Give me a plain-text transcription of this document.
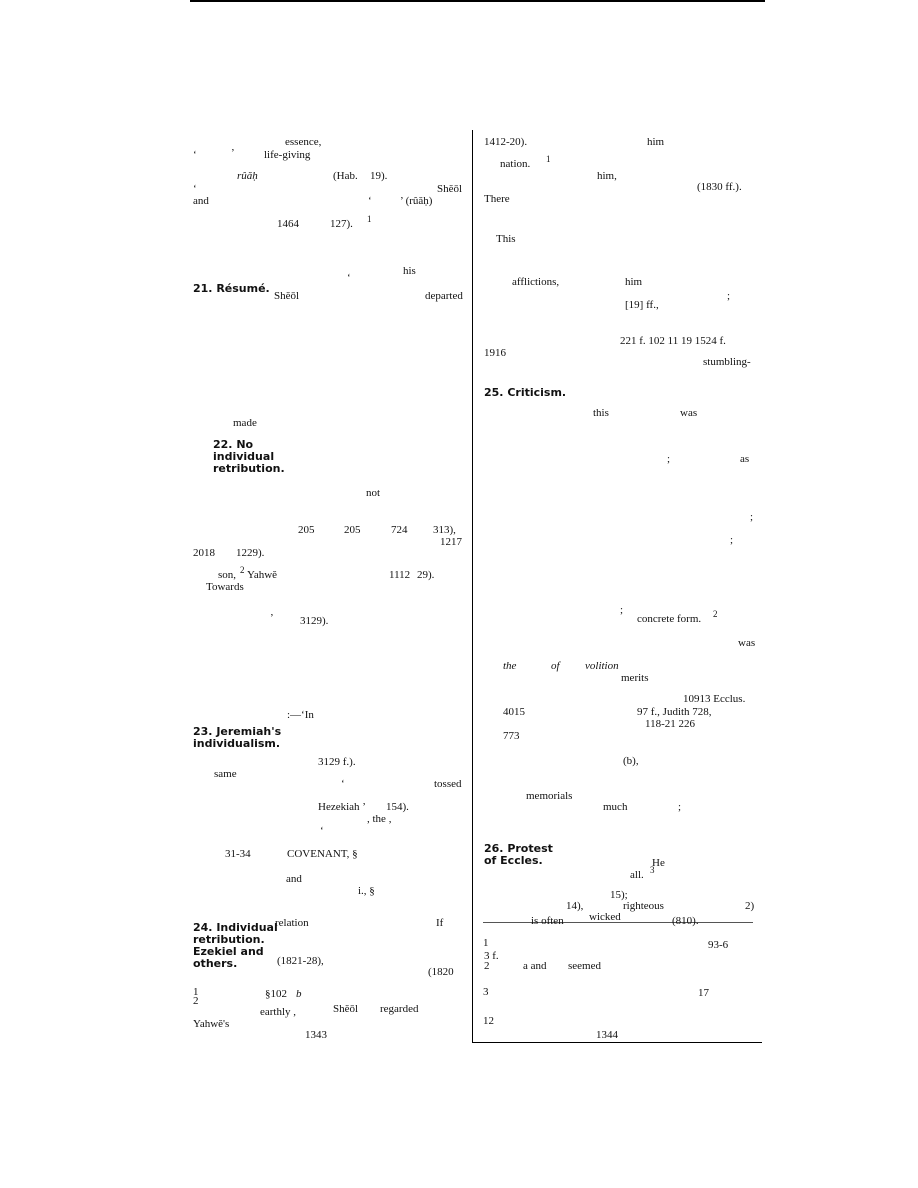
essence,
‘	’	life-giving
rûăḥ	(Hab. 19).
‘	Shĕōl
and	‘	’ (rûăḥ)
1464	127). 1
his
‘
Shĕōl	departed
made
not
205	205	724 313),
1217
2018 1229).
son, 2 Yahwĕ	1112 29).
Towards
’ 3129).
:—‘In
3129 f.).
same
‘	tossed
Hezekiah ’ 154).
, the ,
‘
31-34	COVENANT, §
and
i., §
relation	If
(1821-28),
(1820
§102 b
Shĕōl regarded
earthly ,
Yahwĕ's
1
2
21. Résumé.
22. No
individual
retribution.
23. Jeremiah's
individualism.
24. Individual
retribution.
Ezekiel and
others.
1412-20).	him
nation. 1
him,
(1830 ff.).
There
This
afflictions,	him
;
[19] ff.,
221 f. 102 11 19 1524 f.
1916
stumbling-
this	was
;	as
;
;
;
concrete form. 2
was
the	of volition
merits
10913 Ecclus.
4015	97 f., Judith 728,
118-21 226
773
(b),
memorials
much	;
He
all. 3
15);
14),	righteous	2)
wicked
is often	(810).
1	93-6
3 f.
2	a and seemed
3	17
12
25. Criticism.
26. Protest
of Eccles.
1343	1344
